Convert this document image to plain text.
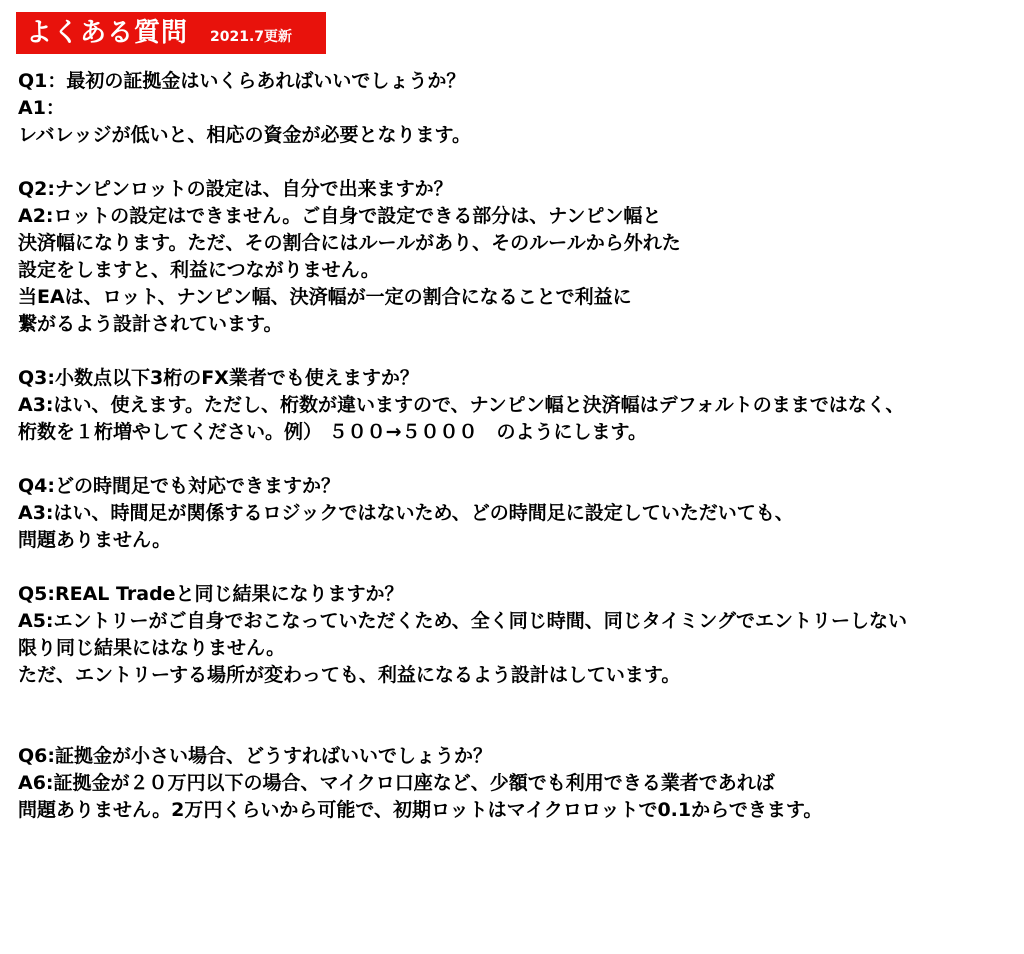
よくある質問 2021.7更新
Q1：最初の証拠金はいくらあればいいでしょうか？
A1：
レバレッジが低いと、相応の資金が必要となります。
Q2:ナンピンロットの設定は、自分で出来ますか？
A2:ロットの設定はできません。ご自身で設定できる部分は、ナンピン幅と
決済幅になります。ただ、その割合にはルールがあり、そのルールから外れた
設定をしますと、利益につながりません。
当EAは、ロット、ナンピン幅、決済幅が一定の割合になることで利益に
繋がるよう設計されています。
Q3:小数点以下3桁のFX業者でも使えますか？
A3:はい、使えます。ただし、桁数が違いますので、ナンピン幅と決済幅はデフォルトのままではなく、
桁数を１桁増やしてください。例） ５００→５０００　のようにします。
Q4:どの時間足でも対応できますか？
A3:はい、時間足が関係するロジックではないため、どの時間足に設定していただいても、
問題ありません。
Q5:REAL Tradeと同じ結果になりますか？
A5:エントリーがご自身でおこなっていただくため、全く同じ時間、同じタイミングでエントリーしない
限り同じ結果にはなりません。
ただ、エントリーする場所が変わっても、利益になるよう設計はしています。
Q6:証拠金が小さい場合、どうすればいいでしょうか？
A6:証拠金が２０万円以下の場合、マイクロ口座など、少額でも利用できる業者であれば
問題ありません。2万円くらいから可能で、初期ロットはマイクロロットで0.1からできます。
